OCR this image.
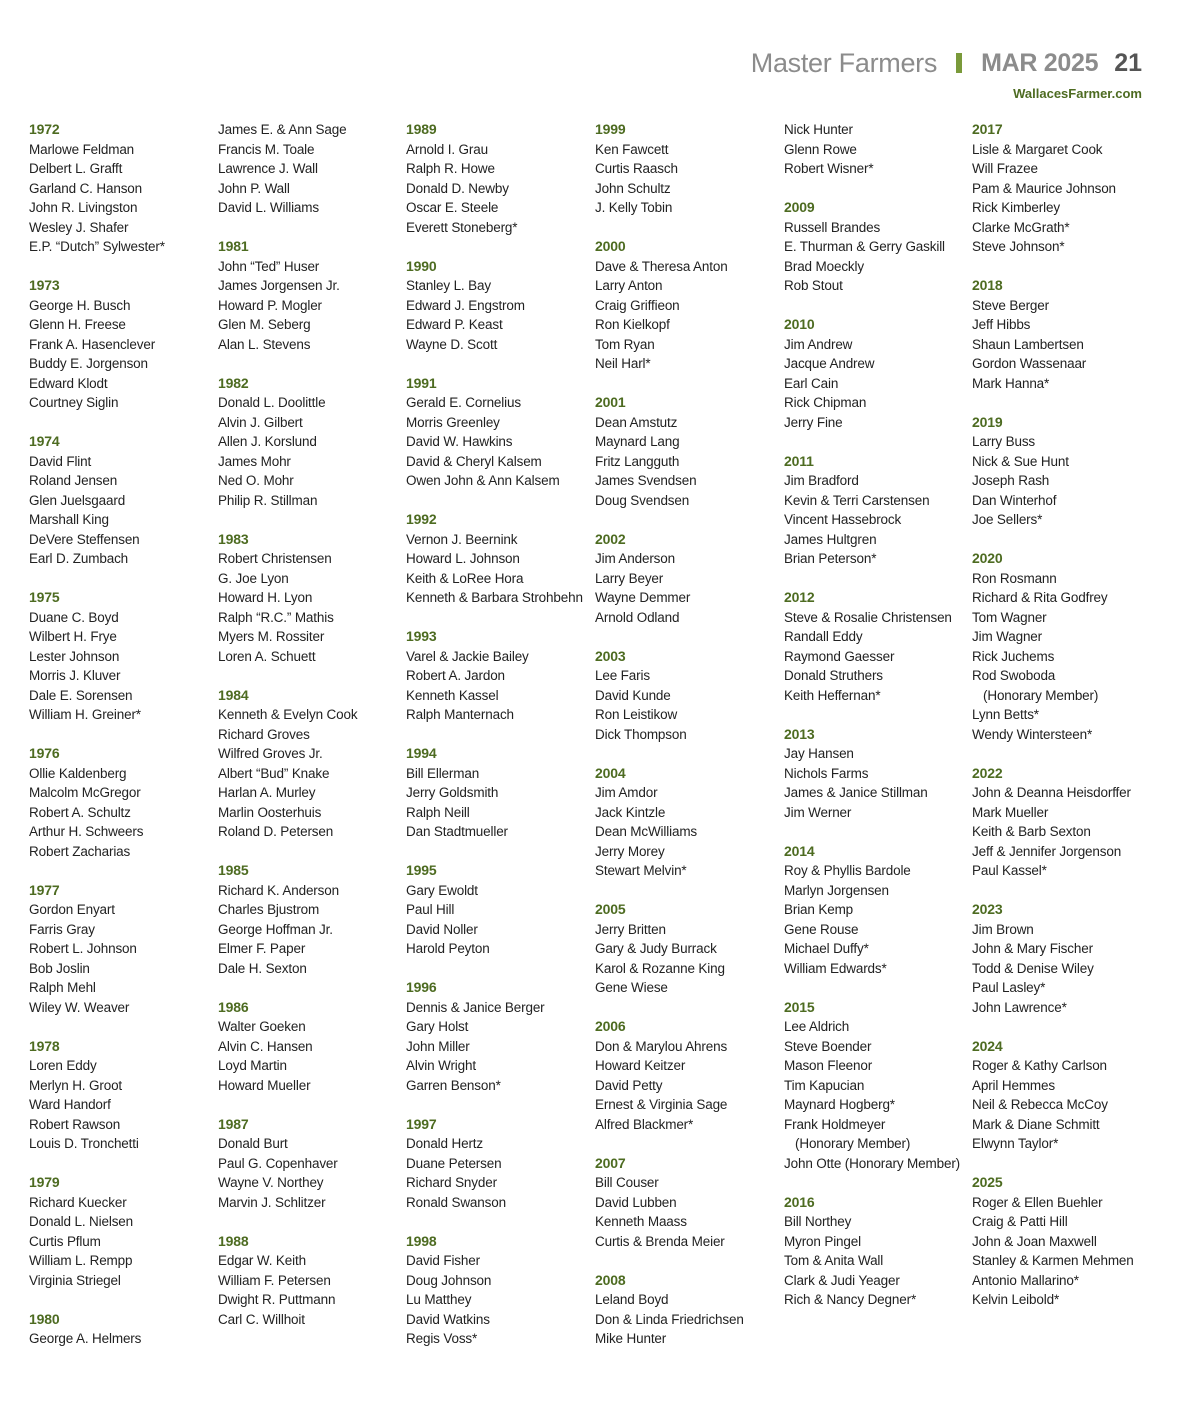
Master Farmers MAR 2025 21
WallacesFarmer.com
1972
Marlowe Feldman
Delbert L. Grafft
Garland C. Hanson
John R. Livingston
Wesley J. Shafer
E.P. “Dutch” Sylwester*
1973
George H. Busch
Glenn H. Freese
Frank A. Hasenclever
Buddy E. Jorgenson
Edward Klodt
Courtney Siglin
1974
David Flint
Roland Jensen
Glen Juelsgaard
Marshall King
DeVere Steffensen
Earl D. Zumbach
1975
Duane C. Boyd
Wilbert H. Frye
Lester Johnson
Morris J. Kluver
Dale E. Sorensen
William H. Greiner*
1976
Ollie Kaldenberg
Malcolm McGregor
Robert A. Schultz
Arthur H. Schweers
Robert Zacharias
1977
Gordon Enyart
Farris Gray
Robert L. Johnson
Bob Joslin
Ralph Mehl
Wiley W. Weaver
1978
Loren Eddy
Merlyn H. Groot
Ward Handorf
Robert Rawson
Louis D. Tronchetti
1979
Richard Kuecker
Donald L. Nielsen
Curtis Pflum
William L. Rempp
Virginia Striegel
1980
George A. Helmers
James E. & Ann Sage
Francis M. Toale
Lawrence J. Wall
John P. Wall
David L. Williams
1981
John “Ted” Huser
James Jorgensen Jr.
Howard P. Mogler
Glen M. Seberg
Alan L. Stevens
1982
Donald L. Doolittle
Alvin J. Gilbert
Allen J. Korslund
James Mohr
Ned O. Mohr
Philip R. Stillman
1983
Robert Christensen
G. Joe Lyon
Howard H. Lyon
Ralph “R.C.” Mathis
Myers M. Rossiter
Loren A. Schuett
1984
Kenneth & Evelyn Cook
Richard Groves
Wilfred Groves Jr.
Albert “Bud” Knake
Harlan A. Murley
Marlin Oosterhuis
Roland D. Petersen
1985
Richard K. Anderson
Charles Bjustrom
George Hoffman Jr.
Elmer F. Paper
Dale H. Sexton
1986
Walter Goeken
Alvin C. Hansen
Loyd Martin
Howard Mueller
1987
Donald Burt
Paul G. Copenhaver
Wayne V. Northey
Marvin J. Schlitzer
1988
Edgar W. Keith
William F. Petersen
Dwight R. Puttmann
Carl C. Willhoit
1989
Arnold I. Grau
Ralph R. Howe
Donald D. Newby
Oscar E. Steele
Everett Stoneberg*
1990
Stanley L. Bay
Edward J. Engstrom
Edward P. Keast
Wayne D. Scott
1991
Gerald E. Cornelius
Morris Greenley
David W. Hawkins
David & Cheryl Kalsem
Owen John & Ann Kalsem
1992
Vernon J. Beernink
Howard L. Johnson
Keith & LoRee Hora
Kenneth & Barbara Strohbehn
1993
Varel & Jackie Bailey
Robert A. Jardon
Kenneth Kassel
Ralph Manternach
1994
Bill Ellerman
Jerry Goldsmith
Ralph Neill
Dan Stadtmueller
1995
Gary Ewoldt
Paul Hill
David Noller
Harold Peyton
1996
Dennis & Janice Berger
Gary Holst
John Miller
Alvin Wright
Garren Benson*
1997
Donald Hertz
Duane Petersen
Richard Snyder
Ronald Swanson
1998
David Fisher
Doug Johnson
Lu Matthey
David Watkins
Regis Voss*
1999
Ken Fawcett
Curtis Raasch
John Schultz
J. Kelly Tobin
2000
Dave & Theresa Anton
Larry Anton
Craig Griffieon
Ron Kielkopf
Tom Ryan
Neil Harl*
2001
Dean Amstutz
Maynard Lang
Fritz Langguth
James Svendsen
Doug Svendsen
2002
Jim Anderson
Larry Beyer
Wayne Demmer
Arnold Odland
2003
Lee Faris
David Kunde
Ron Leistikow
Dick Thompson
2004
Jim Amdor
Jack Kintzle
Dean McWilliams
Jerry Morey
Stewart Melvin*
2005
Jerry Britten
Gary & Judy Burrack
Karol & Rozanne King
Gene Wiese
2006
Don & Marylou Ahrens
Howard Keitzer
David Petty
Ernest & Virginia Sage
Alfred Blackmer*
2007
Bill Couser
David Lubben
Kenneth Maass
Curtis & Brenda Meier
2008
Leland Boyd
Don & Linda Friedrichsen
Mike Hunter
Nick Hunter
Glenn Rowe
Robert Wisner*
2009
Russell Brandes
E. Thurman & Gerry Gaskill
Brad Moeckly
Rob Stout
2010
Jim Andrew
Jacque Andrew
Earl Cain
Rick Chipman
Jerry Fine
2011
Jim Bradford
Kevin & Terri Carstensen
Vincent Hassebrock
James Hultgren
Brian Peterson*
2012
Steve & Rosalie Christensen
Randall Eddy
Raymond Gaesser
Donald Struthers
Keith Heffernan*
2013
Jay Hansen
Nichols Farms
James & Janice Stillman
Jim Werner
2014
Roy & Phyllis Bardole
Marlyn Jorgensen
Brian Kemp
Gene Rouse
Michael Duffy*
William Edwards*
2015
Lee Aldrich
Steve Boender
Mason Fleenor
Tim Kapucian
Maynard Hogberg*
Frank Holdmeyer
(Honorary Member)
John Otte (Honorary Member)
2016
Bill Northey
Myron Pingel
Tom & Anita Wall
Clark & Judi Yeager
Rich & Nancy Degner*
2017
Lisle & Margaret Cook
Will Frazee
Pam & Maurice Johnson
Rick Kimberley
Clarke McGrath*
Steve Johnson*
2018
Steve Berger
Jeff Hibbs
Shaun Lambertsen
Gordon Wassenaar
Mark Hanna*
2019
Larry Buss
Nick & Sue Hunt
Joseph Rash
Dan Winterhof
Joe Sellers*
2020
Ron Rosmann
Richard & Rita Godfrey
Tom Wagner
Jim Wagner
Rick Juchems
Rod Swoboda
(Honorary Member)
Lynn Betts*
Wendy Wintersteen*
2022
John & Deanna Heisdorffer
Mark Mueller
Keith & Barb Sexton
Jeff & Jennifer Jorgenson
Paul Kassel*
2023
Jim Brown
John & Mary Fischer
Todd & Denise Wiley
Paul Lasley*
John Lawrence*
2024
Roger & Kathy Carlson
April Hemmes
Neil & Rebecca McCoy
Mark & Diane Schmitt
Elwynn Taylor*
2025
Roger & Ellen Buehler
Craig & Patti Hill
John & Joan Maxwell
Stanley & Karmen Mehmen
Antonio Mallarino*
Kelvin Leibold*
